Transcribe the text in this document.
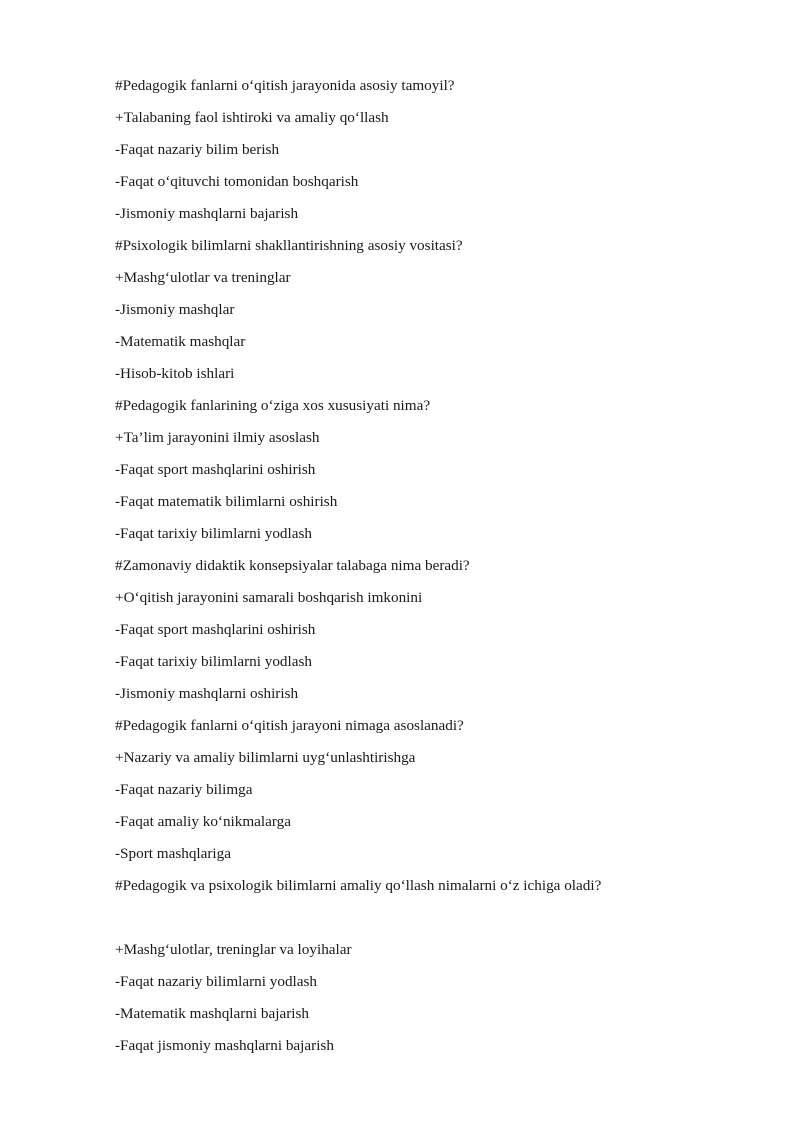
#Pedagogik fanlarni o‘qitish jarayonida asosiy tamoyil?
+Talabaning faol ishtiroki va amaliy qo‘llash
-Faqat nazariy bilim berish
-Faqat o‘qituvchi tomonidan boshqarish
-Jismoniy mashqlarni bajarish
#Psixologik bilimlarni shakllantirishning asosiy vositasi?
+Mashg‘ulotlar va treninglar
-Jismoniy mashqlar
-Matematik mashqlar
-Hisob-kitob ishlari
#Pedagogik fanlarining o‘ziga xos xususiyati nima?
+Ta’lim jarayonini ilmiy asoslash
-Faqat sport mashqlarini oshirish
-Faqat matematik bilimlarni oshirish
-Faqat tarixiy bilimlarni yodlash
#Zamonaviy didaktik konsepsiyalar talabaga nima beradi?
+O‘qitish jarayonini samarali boshqarish imkonini
-Faqat sport mashqlarini oshirish
-Faqat tarixiy bilimlarni yodlash
-Jismoniy mashqlarni oshirish
#Pedagogik fanlarni o‘qitish jarayoni nimaga asoslanadi?
+Nazariy va amaliy bilimlarni uyg‘unlashtirishga
-Faqat nazariy bilimga
-Faqat amaliy ko‘nikmalarga
-Sport mashqlariga
#Pedagogik va psixologik bilimlarni amaliy qo‘llash nimalarni o‘z ichiga oladi?
+Mashg‘ulotlar, treninglar va loyihalar
-Faqat nazariy bilimlarni yodlash
-Matematik mashqlarni bajarish
-Faqat jismoniy mashqlarni bajarish
